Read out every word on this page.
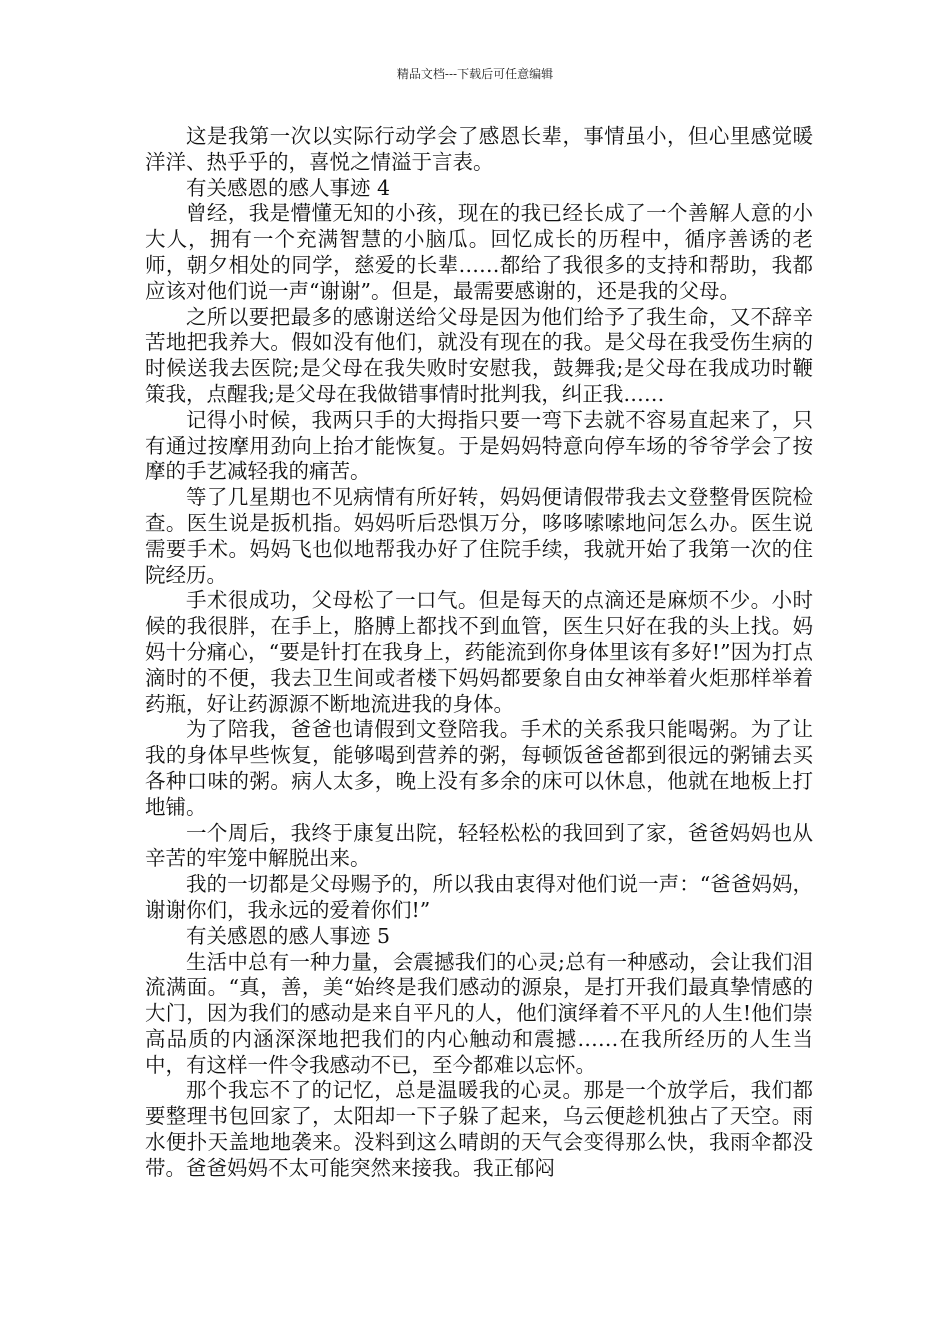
精品文档---下载后可任意编辑

这是我第一次以实际行动学会了感恩长辈，事情虽小，但心里感觉暖洋洋、热乎乎的，喜悦之情溢于言表。

有关感恩的感人事迹 4

曾经，我是懵懂无知的小孩，现在的我已经长成了一个善解人意的小大人，拥有一个充满智慧的小脑瓜。回忆成长的历程中，循序善诱的老师，朝夕相处的同学，慈爱的长辈……都给了我很多的支持和帮助，我都应该对他们说一声“谢谢”。但是，最需要感谢的，还是我的父母。

之所以要把最多的感谢送给父母是因为他们给予了我生命，又不辞辛苦地把我养大。假如没有他们，就没有现在的我。是父母在我受伤生病的时候送我去医院;是父母在我失败时安慰我，鼓舞我;是父母在我成功时鞭策我，点醒我;是父母在我做错事情时批判我，纠正我……

记得小时候，我两只手的大拇指只要一弯下去就不容易直起来了，只有通过按摩用劲向上抬才能恢复。于是妈妈特意向停车场的爷爷学会了按摩的手艺减轻我的痛苦。

等了几星期也不见病情有所好转，妈妈便请假带我去文登整骨医院检查。医生说是扳机指。妈妈听后恐惧万分，哆哆嗦嗦地问怎么办。医生说需要手术。妈妈飞也似地帮我办好了住院手续，我就开始了我第一次的住院经历。

手术很成功，父母松了一口气。但是每天的点滴还是麻烦不少。小时候的我很胖，在手上，胳膊上都找不到血管，医生只好在我的头上找。妈妈十分痛心，“要是针打在我身上，药能流到你身体里该有多好!”因为打点滴时的不便，我去卫生间或者楼下妈妈都要象自由女神举着火炬那样举着药瓶，好让药源源不断地流进我的身体。

为了陪我，爸爸也请假到文登陪我。手术的关系我只能喝粥。为了让我的身体早些恢复，能够喝到营养的粥，每顿饭爸爸都到很远的粥铺去买各种口味的粥。病人太多，晚上没有多余的床可以休息，他就在地板上打地铺。

一个周后，我终于康复出院，轻轻松松的我回到了家，爸爸妈妈也从辛苦的牢笼中解脱出来。

我的一切都是父母赐予的，所以我由衷得对他们说一声：“爸爸妈妈，谢谢你们，我永远的爱着你们!”

有关感恩的感人事迹 5

生活中总有一种力量，会震撼我们的心灵;总有一种感动，会让我们泪流满面。“真，善，美“始终是我们感动的源泉，是打开我们最真挚情感的大门，因为我们的感动是来自平凡的人，他们演绎着不平凡的人生!他们崇高品质的内涵深深地把我们的内心触动和震撼……在我所经历的人生当中，有这样一件令我感动不已，至今都难以忘怀。

那个我忘不了的记忆，总是温暖我的心灵。那是一个放学后，我们都要整理书包回家了，太阳却一下子躲了起来，乌云便趁机独占了天空。雨水便扑天盖地地袭来。没料到这么晴朗的天气会变得那么快，我雨伞都没带。爸爸妈妈不太可能突然来接我。我正郁闷
